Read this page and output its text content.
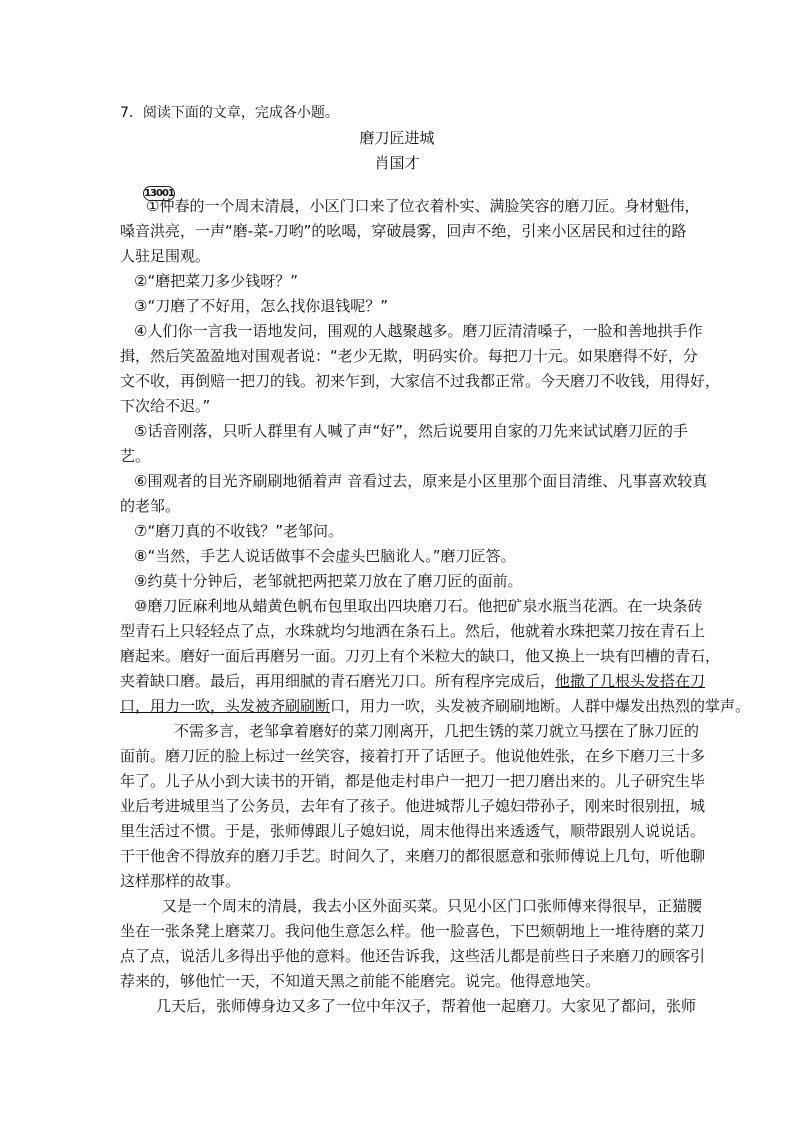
7．阅读下面的文章，完成各小题。
磨刀匠进城
肖国才
13001
①仲春的一个周末清晨，小区门口来了位衣着朴实、满脸笑容的磨刀匠。身材魁伟，
嗓音洪亮，一声“磨-菜-刀哟”的吆喝，穿破晨雾，回声不绝，引来小区居民和过往的路
人驻足围观。
②“磨把菜刀多少钱呀？”
③“刀磨了不好用，怎么找你退钱呢？”
④人们你一言我一语地发问，围观的人越聚越多。磨刀匠清清嗓子，一脸和善地拱手作
揖，然后笑盈盈地对围观者说：“老少无欺，明码实价。每把刀十元。如果磨得不好，分
文不收，再倒赔一把刀的钱。初来乍到，大家信不过我都正常。今天磨刀不收钱，用得好，
下次给不迟。”
⑤话音刚落，只听人群里有人喊了声“好”，然后说要用自家的刀先来试试磨刀匠的手
艺。
⑥围观者的目光齐刷刷地循着声 音看过去，原来是小区里那个面目清维、凡事喜欢较真
的老邹。
⑦“磨刀真的不收钱？”老邹问。
⑧“当然，手艺人说话做事不会虚头巴脑讹人。”磨刀匠答。
⑨约莫十分钟后，老邹就把两把菜刀放在了磨刀匠的面前。
⑩磨刀匠麻利地从蜡黄色帆布包里取出四块磨刀石。他把矿泉水瓶当花洒。在一块条砖
型青石上只轻轻点了点，水珠就均匀地洒在条石上。然后，他就着水珠把菜刀按在青石上
磨起来。磨好一面后再磨另一面。刀刃上有个米粒大的缺口，他又换上一块有凹槽的青石，
夹着缺口磨。最后，再用细腻的青石磨光刀口。所有程序完成后，他撒了几根头发搭在刀
口，用力一吹，头发被齐刷刷断口，用力一吹，头发被齐刷刷地断。人群中爆发出热烈的掌声。
不需多言，老邹拿着磨好的菜刀刚离开，几把生锈的菜刀就立马摆在了脉刀匠的
面前。磨刀匠的脸上标过一丝笑容，接着打开了话匣子。他说他姓张，在乡下磨刀三十多
年了。儿子从小到大读书的开销，都是他走村串户一把刀一把刀磨出来的。儿子研究生毕
业后考进城里当了公务员，去年有了孩子。他进城帮儿子媳妇带孙子，刚来时很别扭，城
里生活过不惯。于是，张师傅跟儿子媳妇说，周末他得出来透透气，顺带跟别人说说话。
干干他舍不得放弃的磨刀手艺。时间久了，来磨刀的都很愿意和张师傅说上几句，听他聊
这样那样的故事。
又是一个周末的清晨，我去小区外面买菜。只见小区门口张师傅来得很早，正猫腰
坐在一张条凳上磨菜刀。我问他生意怎么样。他一脸喜色，下巴颏朝地上一堆待磨的菜刀
点了点，说活儿多得出乎他的意料。他还告诉我，这些活儿都是前些日子来磨刀的顾客引
荐来的，够他忙一天，不知道天黑之前能不能磨完。说完。他得意地笑。
几天后，张师傅身边又多了一位中年汉子，帮着他一起磨刀。大家见了都问，张师
